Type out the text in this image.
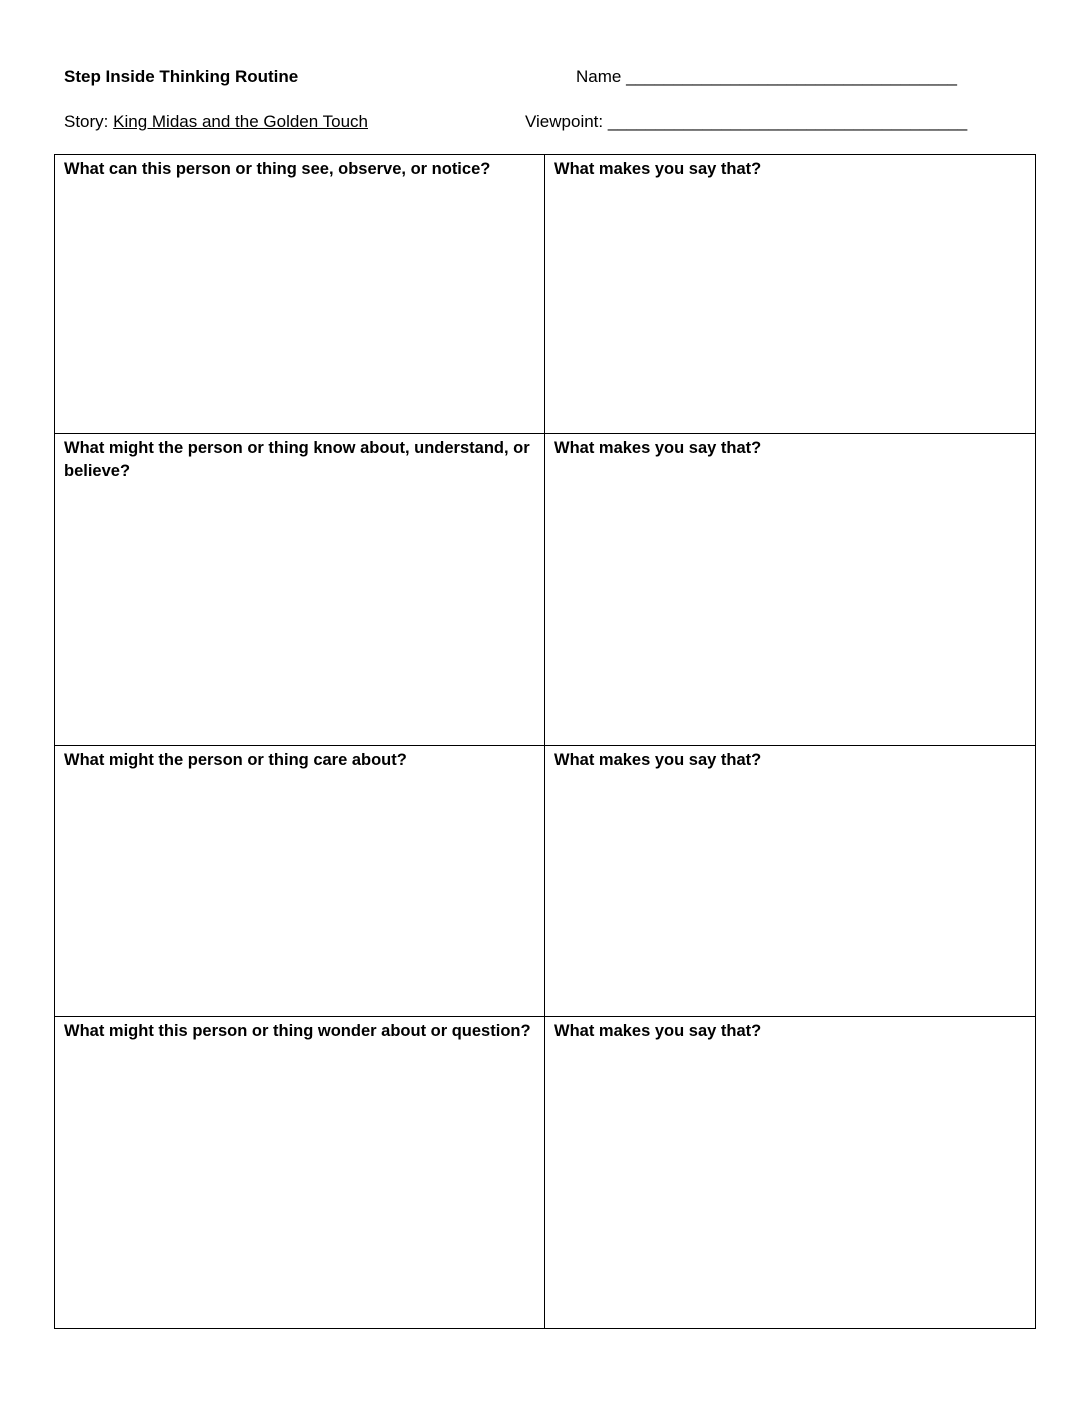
Step Inside Thinking Routine	Name ___________________________________
Story: King Midas and the Golden Touch	Viewpoint: ______________________________________
What can this person or thing see, observe, or notice?	What makes you say that?
What might the person or thing know about, understand, or believe?	What makes you say that?
What might the person or thing care about?	What makes you say that?
What might this person or thing wonder about or question?	What makes you say that?
